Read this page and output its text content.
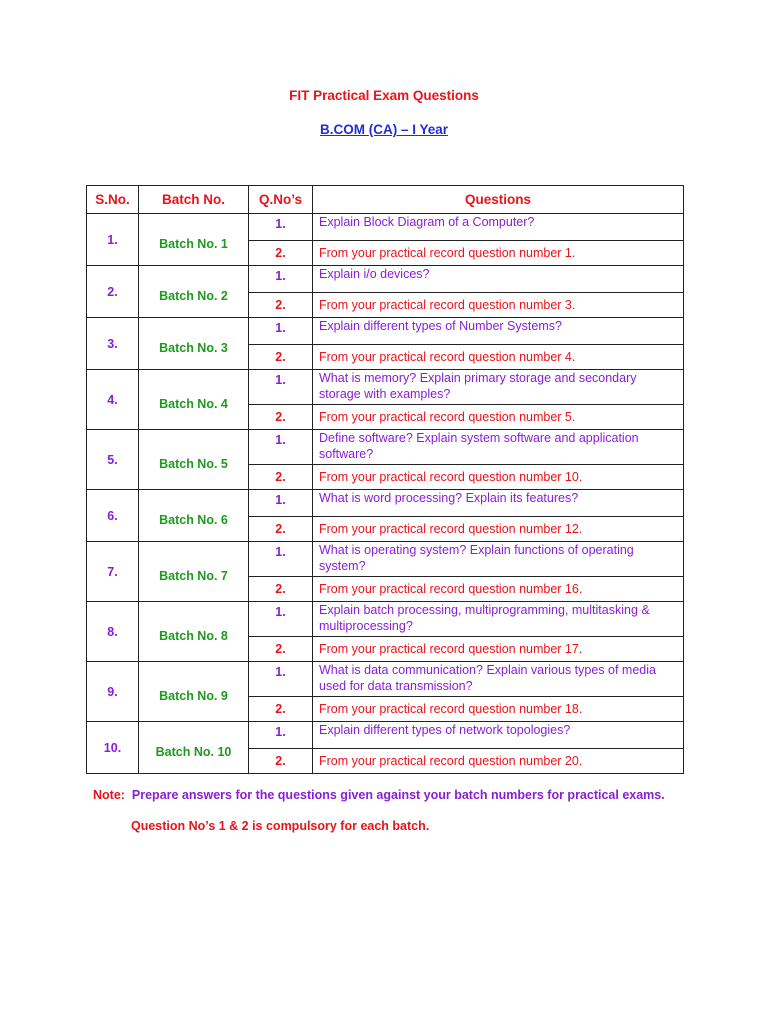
FIT Practical Exam Questions
B.COM (CA) – I Year
S.No.	Batch No.	Q.No’s	Questions
1.	Batch No. 1	1.	Explain Block Diagram of a Computer?
		2.	From your practical record question number 1.
2.	Batch No. 2	1.	Explain i/o devices?
		2.	From your practical record question number 3.
3.	Batch No. 3	1.	Explain different types of Number Systems?
		2.	From your practical record question number 4.
4.	Batch No. 4	1.	What is memory? Explain primary storage and secondary storage with examples?
		2.	From your practical record question number 5.
5.	Batch No. 5	1.	Define software? Explain system software and application software?
		2.	From your practical record question number 10.
6.	Batch No. 6	1.	What is word processing? Explain its features?
		2.	From your practical record question number 12.
7.	Batch No. 7	1.	What is operating system? Explain functions of operating system?
		2.	From your practical record question number 16.
8.	Batch No. 8	1.	Explain batch processing, multiprogramming, multitasking & multiprocessing?
		2.	From your practical record question number 17.
9.	Batch No. 9	1.	What is data communication? Explain various types of media used for data transmission?
		2.	From your practical record question number 18.
10.	Batch No. 10	1.	Explain different types of network topologies?
		2.	From your practical record question number 20.
Note: Prepare answers for the questions given against your batch numbers for practical exams.
Question No’s 1 & 2 is compulsory for each batch.
